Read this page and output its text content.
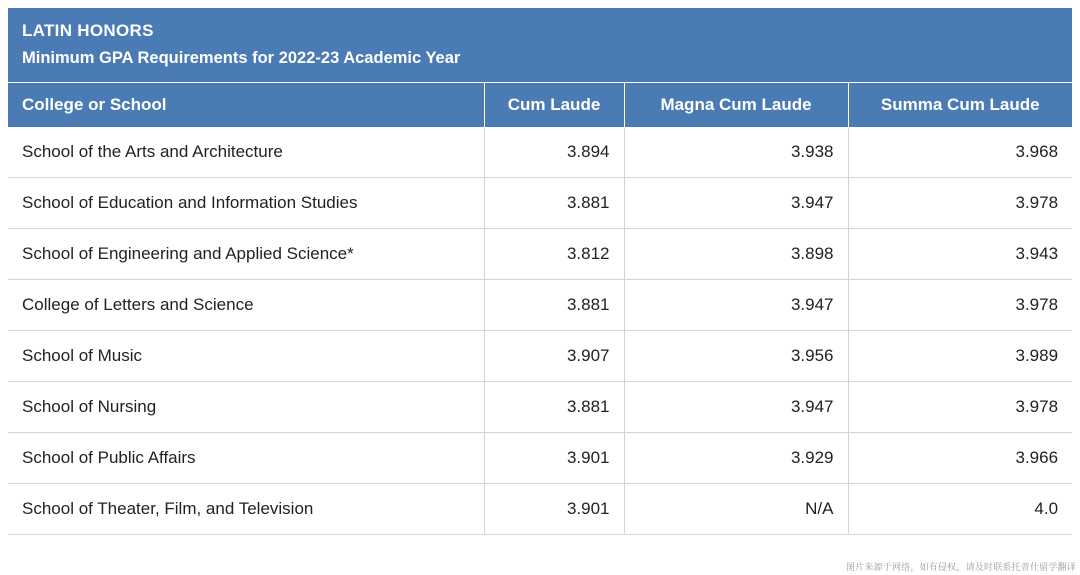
LATIN HONORS
Minimum GPA Requirements for 2022-23 Academic Year			

College or School	Cum Laude	Magna Cum Laude	Summa Cum Laude
School of the Arts and Architecture	3.894	3.938	3.968
School of Education and Information Studies	3.881	3.947	3.978
School of Engineering and Applied Science*	3.812	3.898	3.943
College of Letters and Science	3.881	3.947	3.978
School of Music	3.907	3.956	3.989
School of Nursing	3.881	3.947	3.978
School of Public Affairs	3.901	3.929	3.966
School of Theater, Film, and Television	3.901	N/A	4.0
图片来源于网络，如有侵权，请及时联系托普仕留学翻译
